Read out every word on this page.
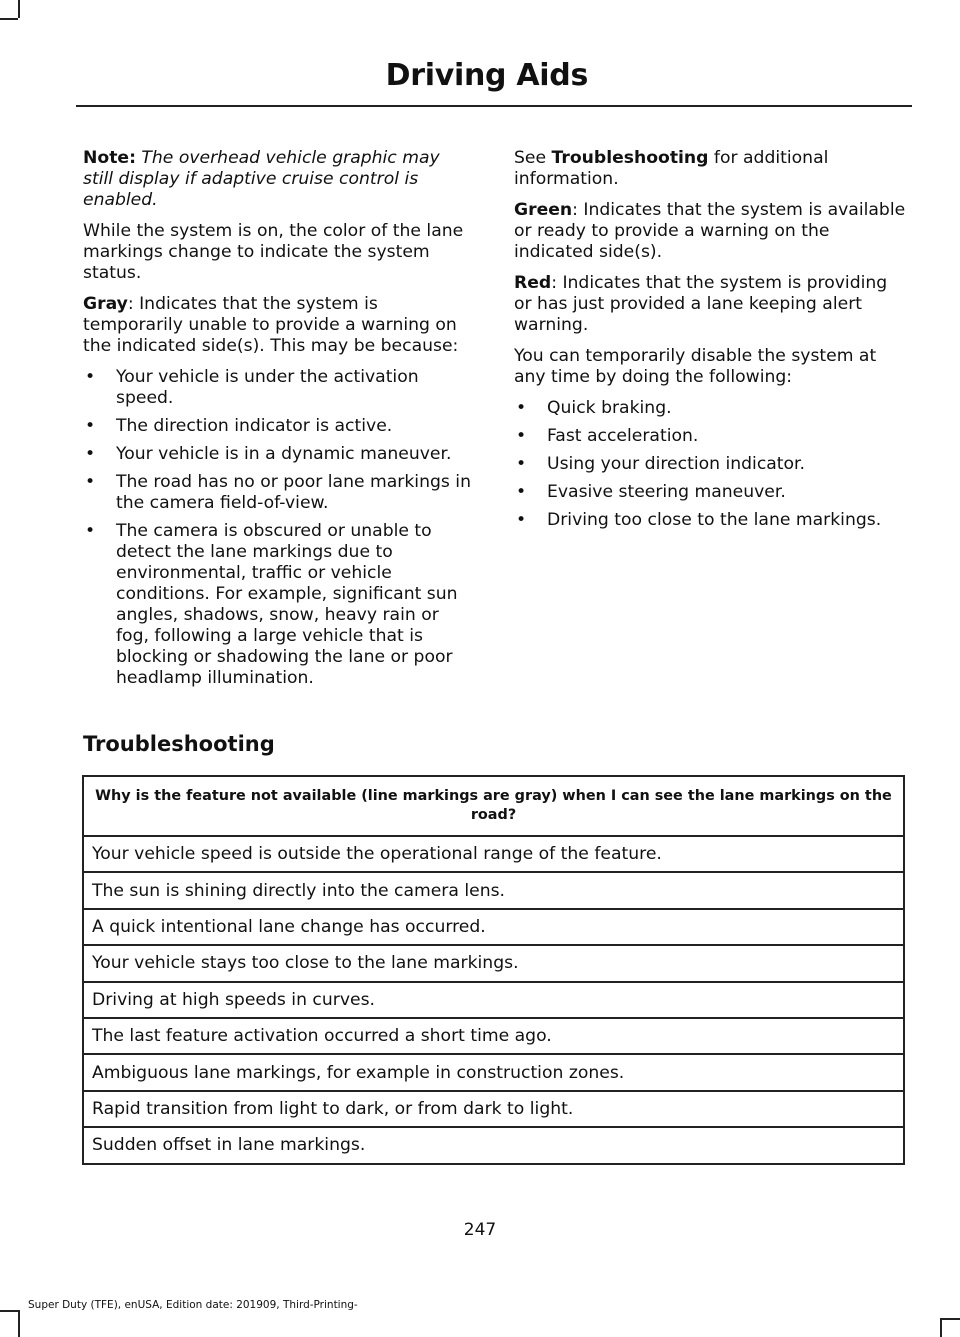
Driving Aids

Note: The overhead vehicle graphic may still display if adaptive cruise control is enabled.

While the system is on, the color of the lane markings change to indicate the system status.

Gray: Indicates that the system is temporarily unable to provide a warning on the indicated side(s). This may be because:

• Your vehicle is under the activation speed.
• The direction indicator is active.
• Your vehicle is in a dynamic maneuver.
• The road has no or poor lane markings in the camera field-of-view.
• The camera is obscured or unable to detect the lane markings due to environmental, traffic or vehicle conditions. For example, significant sun angles, shadows, snow, heavy rain or fog, following a large vehicle that is blocking or shadowing the lane or poor headlamp illumination.

See Troubleshooting for additional information.

Green: Indicates that the system is available or ready to provide a warning on the indicated side(s).

Red: Indicates that the system is providing or has just provided a lane keeping alert warning.

You can temporarily disable the system at any time by doing the following:

• Quick braking.
• Fast acceleration.
• Using your direction indicator.
• Evasive steering maneuver.
• Driving too close to the lane markings.
Troubleshooting
Why is the feature not available (line markings are gray) when I can see the lane markings on the road?
Your vehicle speed is outside the operational range of the feature.
The sun is shining directly into the camera lens.
A quick intentional lane change has occurred.
Your vehicle stays too close to the lane markings.
Driving at high speeds in curves.
The last feature activation occurred a short time ago.
Ambiguous lane markings, for example in construction zones.
Rapid transition from light to dark, or from dark to light.
Sudden offset in lane markings.

247

Super Duty (TFE), enUSA, Edition date: 201909, Third-Printing-
